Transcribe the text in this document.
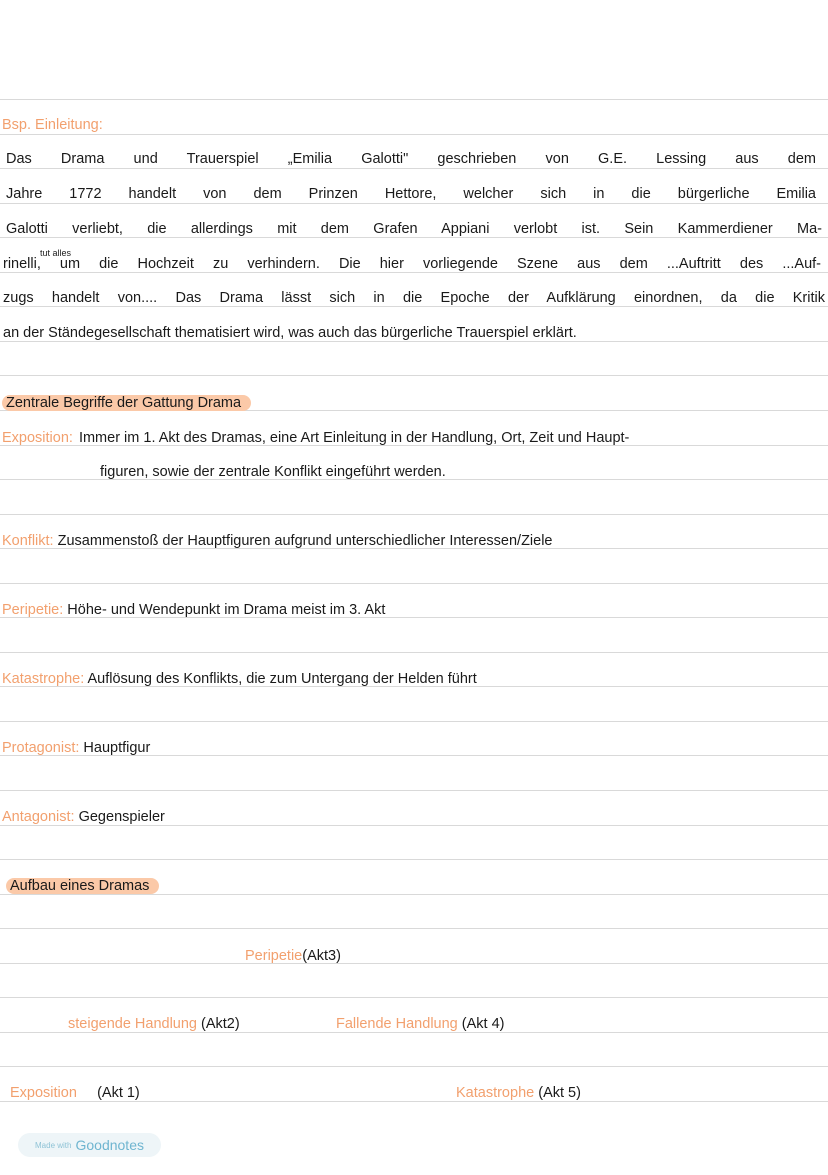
Bsp. Einleitung:
Das Drama und Trauerspiel „Emilia Galotti" geschrieben von G.E. Lessing aus dem
Jahre 1772 handelt von dem Prinzen Hettore, welcher sich in die bürgerliche Emilia
Galotti verliebt, die allerdings mit dem Grafen Appiani verlobt ist. Sein Kammerdiener Ma-
tut alles
rinelli, um die Hochzeit zu verhindern. Die hier vorliegende Szene aus dem ...Auftritt des ...Auf-
zugs handelt von.... Das Drama lässt sich in die Epoche der Aufklärung einordnen, da die Kritik
an der Ständegesellschaft thematisiert wird, was auch das bürgerliche Trauerspiel erklärt.
Zentrale Begriffe der Gattung Drama
Exposition: Immer im 1. Akt des Dramas, eine Art Einleitung in der Handlung, Ort, Zeit und Haupt-
figuren, sowie der zentrale Konflikt eingeführt werden.
Konflikt: Zusammenstoß der Hauptfiguren aufgrund unterschiedlicher Interessen/Ziele
Peripetie: Höhe- und Wendepunkt im Drama meist im 3. Akt
Katastrophe: Auflösung des Konflikts, die zum Untergang der Helden führt
Protagonist: Hauptfigur
Antagonist: Gegenspieler
Aufbau eines Dramas
Peripetie(Akt3)
steigende Handlung (Akt2)	Fallende Handlung (Akt 4)
Exposition (Akt 1)	Katastrophe (Akt 5)
Made with Goodnotes
